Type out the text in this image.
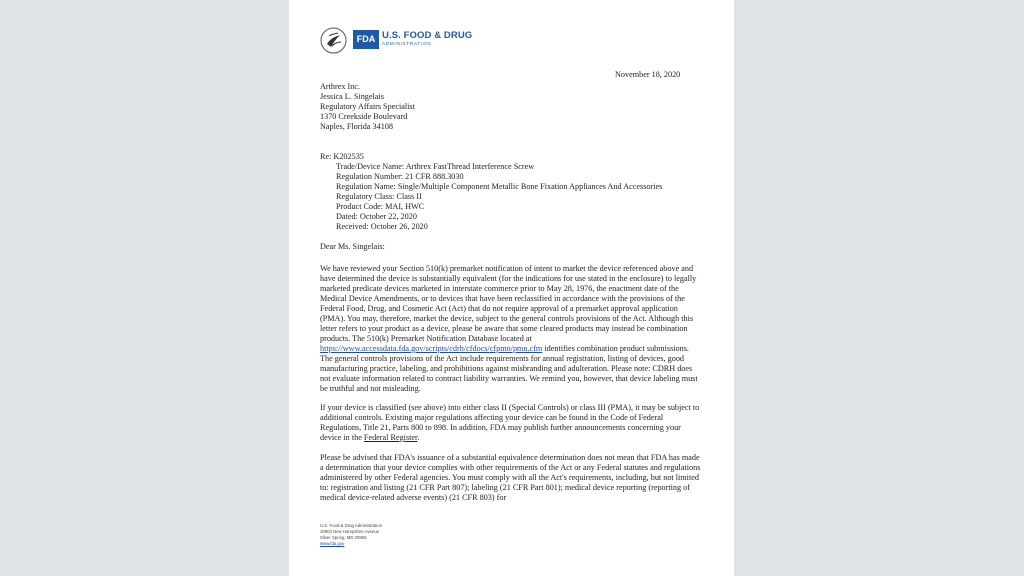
FDA U.S. FOOD & DRUG
ADMINISTRATION
November 18, 2020
Arthrex Inc.
Jessica L. Singelais
Regulatory Affairs Specialist
1370 Creekside Boulevard
Naples, Florida 34108
Re: K202535
Trade/Device Name: Arthrex FastThread Interference Screw
Regulation Number: 21 CFR 888.3030
Regulation Name: Single/Multiple Component Metallic Bone Fixation Appliances And Accessories
Regulatory Class: Class II
Product Code: MAI, HWC
Dated: October 22, 2020
Received: October 26, 2020
Dear Ms. Singelais:

We have reviewed your Section 510(k) premarket notification of intent to market the device referenced above and have determined the device is substantially equivalent (for the indications for use stated in the enclosure) to legally marketed predicate devices marketed in interstate commerce prior to May 28, 1976, the enactment date of the Medical Device Amendments, or to devices that have been reclassified in accordance with the provisions of the Federal Food, Drug, and Cosmetic Act (Act) that do not require approval of a premarket approval application (PMA). You may, therefore, market the device, subject to the general controls provisions of the Act. Although this letter refers to your product as a device, please be aware that some cleared products may instead be combination products. The 510(k) Premarket Notification Database located at https://www.accessdata.fda.gov/scripts/cdrh/cfdocs/cfpmn/pmn.cfm identifies combination product submissions. The general controls provisions of the Act include requirements for annual registration, listing of devices, good manufacturing practice, labeling, and prohibitions against misbranding and adulteration. Please note: CDRH does not evaluate information related to contract liability warranties. We remind you, however, that device labeling must be truthful and not misleading.

If your device is classified (see above) into either class II (Special Controls) or class III (PMA), it may be subject to additional controls. Existing major regulations affecting your device can be found in the Code of Federal Regulations, Title 21, Parts 800 to 898. In addition, FDA may publish further announcements concerning your device in the Federal Register.

Please be advised that FDA's issuance of a substantial equivalence determination does not mean that FDA has made a determination that your device complies with other requirements of the Act or any Federal statutes and regulations administered by other Federal agencies. You must comply with all the Act's requirements, including, but not limited to: registration and listing (21 CFR Part 807); labeling (21 CFR Part 801); medical device reporting (reporting of medical device-related adverse events) (21 CFR 803) for

U.S. Food & Drug Administration
10903 New Hampshire Avenue
Silver Spring, MD 20993
www.fda.gov
